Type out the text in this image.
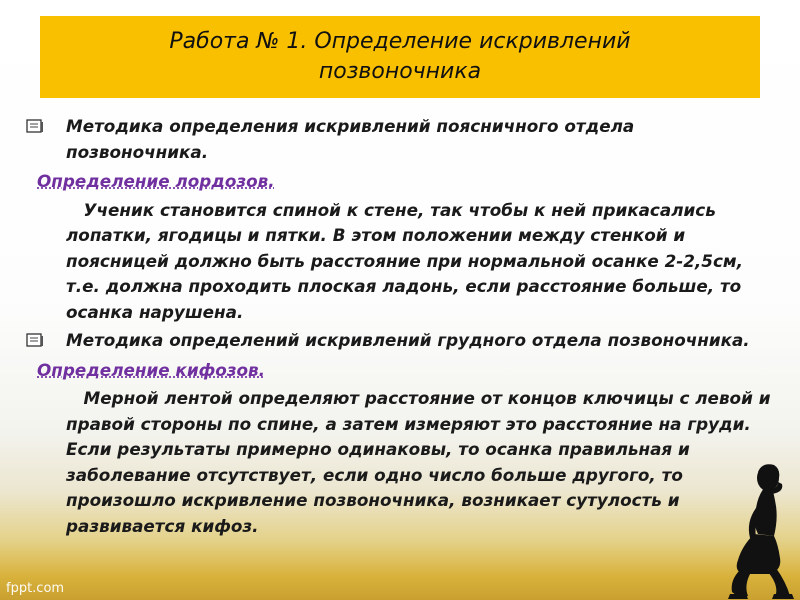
Работа № 1. Определение искривлений
позвоночника
Методика определения искривлений поясничного отдела позвоночника.
Определение лордозов.
Ученик становится спиной к стене, так чтобы к ней прикасались лопатки, ягодицы и пятки. В этом положении между стенкой и поясницей должно быть расстояние при нормальной осанке 2-2,5см, т.е. должна проходить плоская ладонь, если расстояние больше, то осанка нарушена.
Методика определений искривлений грудного отдела позвоночника.
Определение кифозов.
Мерной лентой определяют расстояние от концов ключицы с левой и правой стороны по спине, а затем измеряют это расстояние на груди. Если результаты примерно одинаковы, то осанка правильная и заболевание отсутствует, если одно число больше другого, то произошло искривление позвоночника, возникает сутулость и развивается кифоз.
fppt.com
